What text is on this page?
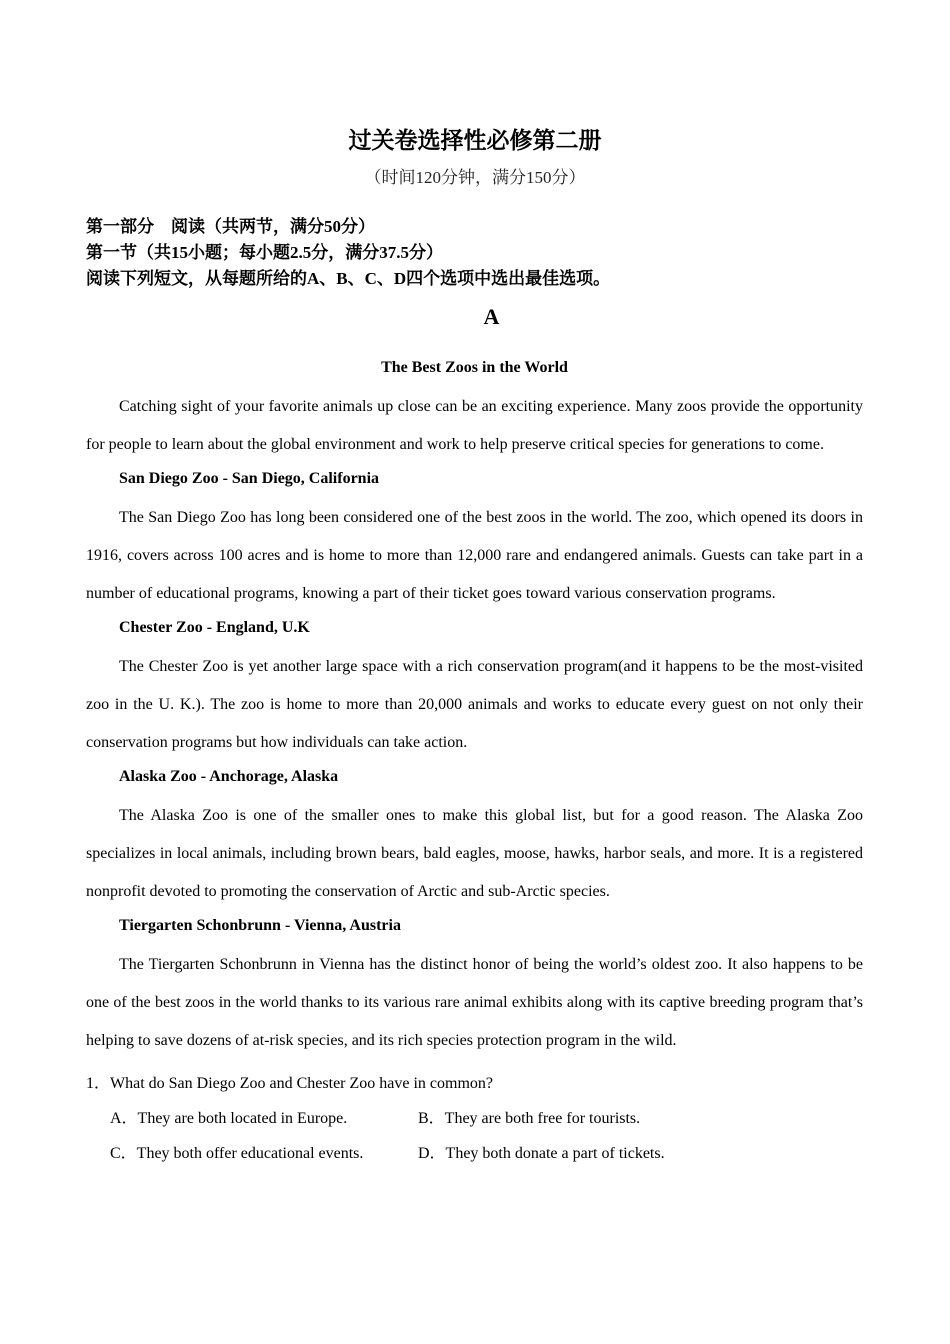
过关卷选择性必修第二册
（时间120分钟，满分150分）
第一部分　阅读（共两节，满分50分）
第一节（共15小题；每小题2.5分，满分37.5分）
阅读下列短文，从每题所给的A、B、C、D四个选项中选出最佳选项。
A
The Best Zoos in the World

Catching sight of your favorite animals up close can be an exciting experience. Many zoos provide the opportunity for people to learn about the global environment and work to help preserve critical species for generations to come.

San Diego Zoo - San Diego, California

The San Diego Zoo has long been considered one of the best zoos in the world. The zoo, which opened its doors in 1916, covers across 100 acres and is home to more than 12,000 rare and endangered animals. Guests can take part in a number of educational programs, knowing a part of their ticket goes toward various conservation programs.

Chester Zoo - England, U.K

The Chester Zoo is yet another large space with a rich conservation program(and it happens to be the most-visited zoo in the U. K.). The zoo is home to more than 20,000 animals and works to educate every guest on not only their conservation programs but how individuals can take action.

Alaska Zoo - Anchorage, Alaska

The Alaska Zoo is one of the smaller ones to make this global list, but for a good reason. The Alaska Zoo specializes in local animals, including brown bears, bald eagles, moose, hawks, harbor seals, and more. It is a registered nonprofit devoted to promoting the conservation of Arctic and sub-Arctic species.

Tiergarten Schonbrunn - Vienna, Austria

The Tiergarten Schonbrunn in Vienna has the distinct honor of being the world’s oldest zoo. It also happens to be one of the best zoos in the world thanks to its various rare animal exhibits along with its captive breeding program that’s helping to save dozens of at-risk species, and its rich species protection program in the wild.

1．What do San Diego Zoo and Chester Zoo have in common?
A．They are both located in Europe.	B．They are both free for tourists.
C．They both offer educational events.	D．They both donate a part of tickets.
